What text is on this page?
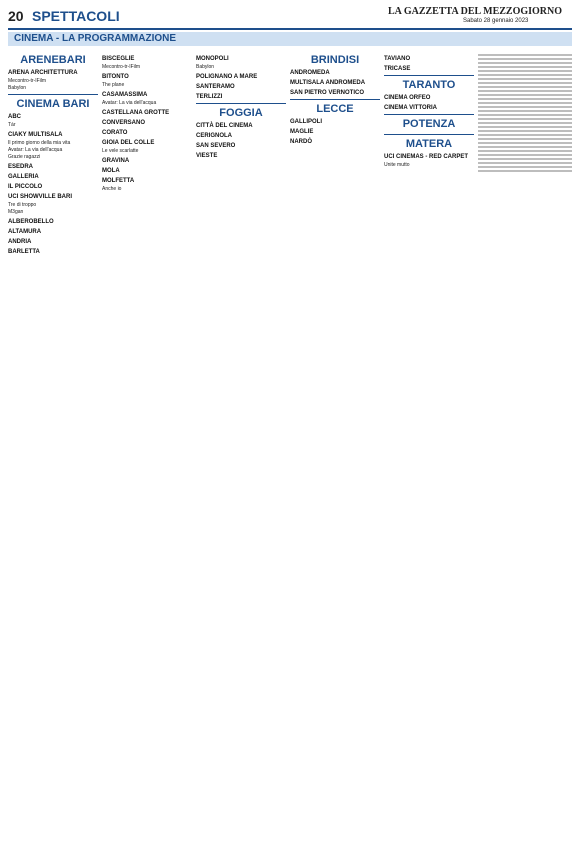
20 SPETTACOLI	LA GAZZETTA DEL MEZZOGIORNO
Sabato 28 gennaio 2023
CINEMA - LA PROGRAMMAZIONE
ARENEBARI
ARENA ARCHITETTURA

Mecontro-tr-IFilm

Babylon

CINEMA BARI
ABC

Tár

CIAKY MULTISALA

Il primo giorno della mia vita

Avatar: La via dell'acqua

Grazie ragazzi

ESEDRA
GALLERIA
IL PICCOLO
UCI SHOWVILLE BARI

Tre di troppo

M3gan

ALBEROBELLO
ALTAMURA
ANDRIA
BARLETTA
BISCEGLIE

Mecontro-tr-IFilm

BITONTO

The plane

CASAMASSIMA

Avatar: La via dell'acqua

CASTELLANA GROTTE
CONVERSANO
CORATO
GIOIA DEL COLLE

Le vele scarlatte

GRAVINA
MOLA
MOLFETTA

Anche io

MONOPOLI

Babylon

POLIGNANO A MARE
SANTERAMO
TERLIZZI
FOGGIA
CITTÀ DEL CINEMA
CERIGNOLA
SAN SEVERO
VIESTE
BRINDISI
ANDROMEDA
MULTISALA ANDROMEDA
SAN PIETRO VERNOTICO
LECCE
GALLIPOLI
MAGLIE
NARDÒ
TAVIANO
TRICASE
TARANTO
CINEMA ORFEO
CINEMA VITTORIA
POTENZA
MATERA
UCI CINEMAS - RED CARPET

Unite mutto
